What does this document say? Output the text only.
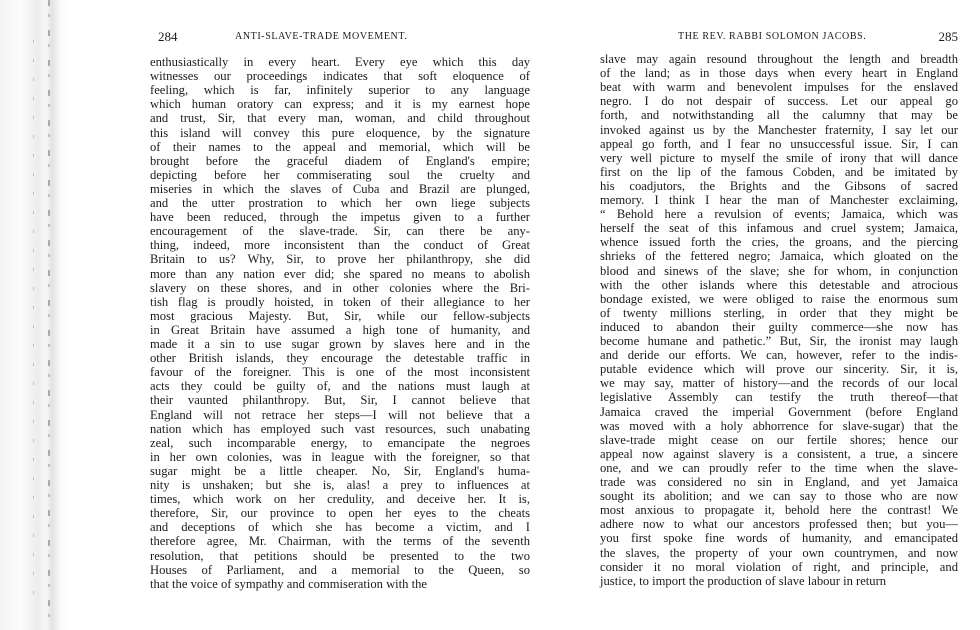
284	ANTI-SLAVE-TRADE MOVEMENT.
enthusiastically in every heart. Every eye which this day
witnesses our proceedings indicates that soft eloquence of
feeling, which is far, infinitely superior to any language
which human oratory can express; and it is my earnest hope
and trust, Sir, that every man, woman, and child throughout
this island will convey this pure eloquence, by the signature
of their names to the appeal and memorial, which will be
brought before the graceful diadem of England's empire;
depicting before her commiserating soul the cruelty and
miseries in which the slaves of Cuba and Brazil are plunged,
and the utter prostration to which her own liege subjects
have been reduced, through the impetus given to a further
encouragement of the slave-trade. Sir, can there be any-
thing, indeed, more inconsistent than the conduct of Great
Britain to us? Why, Sir, to prove her philanthropy, she did
more than any nation ever did; she spared no means to abolish
slavery on these shores, and in other colonies where the Bri-
tish flag is proudly hoisted, in token of their allegiance to her
most gracious Majesty. But, Sir, while our fellow-subjects
in Great Britain have assumed a high tone of humanity, and
made it a sin to use sugar grown by slaves here and in the
other British islands, they encourage the detestable traffic in
favour of the foreigner. This is one of the most inconsistent
acts they could be guilty of, and the nations must laugh at
their vaunted philanthropy. But, Sir, I cannot believe that
England will not retrace her steps—I will not believe that a
nation which has employed such vast resources, such unabating
zeal, such incomparable energy, to emancipate the negroes
in her own colonies, was in league with the foreigner, so that
sugar might be a little cheaper. No, Sir, England's huma-
nity is unshaken; but she is, alas! a prey to influences at
times, which work on her credulity, and deceive her. It is,
therefore, Sir, our province to open her eyes to the cheats
and deceptions of which she has become a victim, and I
therefore agree, Mr. Chairman, with the terms of the seventh
resolution, that petitions should be presented to the two
Houses of Parliament, and a memorial to the Queen, so
that the voice of sympathy and commiseration with the
THE REV. RABBI SOLOMON JACOBS.	285
slave may again resound throughout the length and breadth
of the land; as in those days when every heart in England
beat with warm and benevolent impulses for the enslaved
negro. I do not despair of success. Let our appeal go
forth, and notwithstanding all the calumny that may be
invoked against us by the Manchester fraternity, I say let our
appeal go forth, and I fear no unsuccessful issue. Sir, I can
very well picture to myself the smile of irony that will dance
first on the lip of the famous Cobden, and be imitated by
his coadjutors, the Brights and the Gibsons of sacred
memory. I think I hear the man of Manchester exclaiming,
“ Behold here a revulsion of events; Jamaica, which was
herself the seat of this infamous and cruel system; Jamaica,
whence issued forth the cries, the groans, and the piercing
shrieks of the fettered negro; Jamaica, which gloated on the
blood and sinews of the slave; she for whom, in conjunction
with the other islands where this detestable and atrocious
bondage existed, we were obliged to raise the enormous sum
of twenty millions sterling, in order that they might be
induced to abandon their guilty commerce—she now has
become humane and pathetic.” But, Sir, the ironist may laugh
and deride our efforts. We can, however, refer to the indis-
putable evidence which will prove our sincerity. Sir, it is,
we may say, matter of history—and the records of our local
legislative Assembly can testify the truth thereof—that
Jamaica craved the imperial Government (before England
was moved with a holy abhorrence for slave-sugar) that the
slave-trade might cease on our fertile shores; hence our
appeal now against slavery is a consistent, a true, a sincere
one, and we can proudly refer to the time when the slave-
trade was considered no sin in England, and yet Jamaica
sought its abolition; and we can say to those who are now
most anxious to propagate it, behold here the contrast! We
adhere now to what our ancestors professed then; but you—
you first spoke fine words of humanity, and emancipated
the slaves, the property of your own countrymen, and now
consider it no moral violation of right, and principle, and
justice, to import the production of slave labour in return
